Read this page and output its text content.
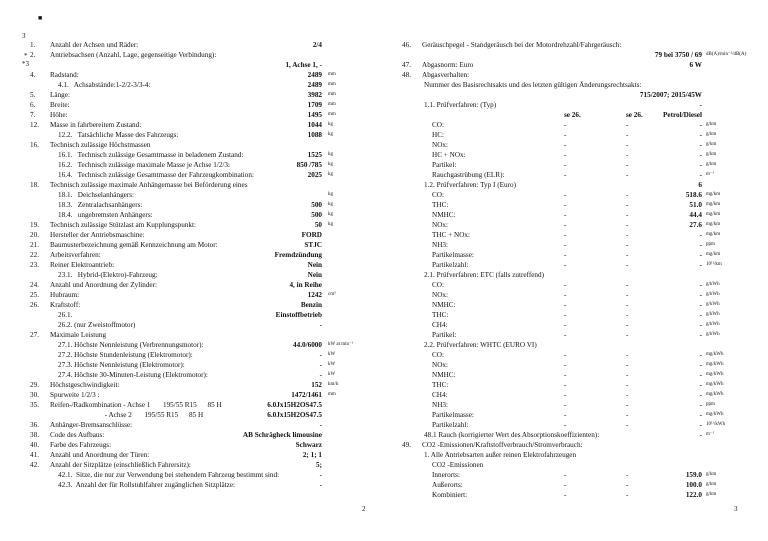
■
3
*
*3
1. Anzahl der Achsen und Räder:	2/4
2. Antriebsachsen (Anzahl, Lage, gegenseitige Verbindung):
1, Achse 1, -
4. Radstand:	2489 mm
4.1.   Achsabstände:1-2/2-3/3-4:	2489 mm
5. Länge:	3982 mm
6. Breite:	1709 mm
7. Höhe:	1495 mm
12. Masse in fahrbereitem Zustand:	1044 kg
12.2.   Tatsächliche Masse des Fahrzeugs:	1088 kg
16. Technisch zulässige Höchstmassen
16.1.   Technisch zulässige Gesamtmasse in beladenem Zustand:	1525 kg
16.2.   Technisch zulässige maximale Masse je Achse 1/2/3:	850 /785 kg
16.4.   Technisch zulässige Gesamtmasse der Fahrzeugkombination:	2025 kg
18. Technisch zulässige maximale Anhängemasse bei Beförderung eines
18.1.   Deichselanhängers:	kg
18.3.   Zentralachsanhängers:	500 kg
18.4.   ungebremsten Anhängers:	500 kg
19. Technisch zulässige Stützlast am Kupplungspunkt:	50 kg
20. Hersteller der Antriebsmaschine:	FORD
21. Baumusterbezeichnung gemäß Kennzeichnung am Motor:	STJC
22. Arbeitsverfahren:	Fremdzündung
23. Reiner Elektroantrieb:	Nein
23.1.   Hybrid-(Elektro)-Fahrzeug:	Nein
24. Anzahl und Anordnung der Zylinder:	4, in Reihe
25. Hubraum:	1242 cm³
26. Kraftstoff:	Benzin
26.1.	Einstoffbetrieb
26.2. (nur Zweistoffmotor)	-
27. Maximale Leistung
27.1. Höchste Nennleistung (Verbrennungsmotor):	44.0/6000 kW at min⁻¹
27.2. Höchste Stundenleistung (Elektromotor):	- kW
27.3. Höchste Nennleistung (Elektromotor):	- kW
27.4. Höchste 30-Minuten-Leistung (Elektromotor):	- kW
29. Höchstgeschwindigkeit:	152 km/h
30. Spurweite 1/2/3 :	1472/1461 mm
35. Reifen-/Radkombination - Achse 1       195/55 R15      85 H	6.0Jx15H2OS47.5
- Achse 2       195/55 R15      85 H	6.0Jx15H2OS47.5
36. Anhänger-Bremsanschlüsse:	-
38. Code des Aufbaus:	AB Schrägheck limousine
40. Farbe des Fahrzeugs:	Schwarz
41. Anzahl und Anordnung der Türen:	2; 1; 1
42. Anzahl der Sitzplätze (einschließlich Fahrersitz):	5;
42.1.  Sitze, die nur zur Verwendung bei stehendem Fahrzeug bestimmt sind:	-
42.3.  Anzahl der für Rollstuhlfahrer zugänglichen Sitzplätze:	-
2
46. Geräuschpegel - Standgeräusch bei der Motordrehzahl/Fahrgeräusch:
79 bei 3750 / 69 dB(A)/min⁻¹/dB(A)
47. Abgasnorm: Euro	6 W
48. Abgasverhalten:
Nummer des Basisrechtsakts und des letzten gültigen Änderungsrechtsakts:
715/2007; 2015/45W
1.1. Prüfverfahren: (Typ)	-
se 26.	se 26.	Petrol/Diesel
CO:	-	-	- g/km
HC:	-	-	- g/km
NOx:	-	-	- g/km
HC + NOx:	-	-	- g/km
Partikel:	-	-	- g/km
Rauchgastrübung (ELR):	-	-	- m⁻¹
1.2. Prüfverfahren: Typ I (Euro)	6
CO:	-	-	518.6 mg/km
THC:	-	-	51.0 mg/km
NMHC:	-	-	44.4 mg/km
NOx:	-	-	27.6 mg/km
THC + NOx:	-	-	- mg/km
NH3:	-	-	- ppm
Partikelmasse:	-	-	- mg/km
Partikelzahl:	-	-	- 10¹¹/km
2.1. Prüfverfahren: ETC (falls zutreffend)
CO:	-	-	- g/kWh
NOx:	-	-	- g/kWh
NMHC:	-	-	- g/kWh
THC:	-	-	- g/kWh
CH4:	-	-	- g/kWh
Partikel:	-	-	- g/kWh
2.2. Prüfverfahren: WHTC (EURO VI)
CO:	-	-	- mg/kWh
NOx:	-	-	- mg/kWh
NMHC:	-	-	- mg/kWh
THC:	-	-	- mg/kWh
CH4:	-	-	- mg/kWh
NH3:	-	-	- ppm
Partikelmasse:	-	-	- mg/kWh
Partikelzahl:	-	-	- 10¹¹/kWh
48.1 Rauch (korrigierter Wert des Absorptionskoeffizienten):	- m⁻¹
49. CO2 -Emissionen/Kraftstoffverbrauch/Stromverbrauch:
1. Alle Antriebsarten außer reinen Elektrofahrzeugen
CO2 -Emissionen
Innerorts:	-	-	159.0 g/km
Außerorts:	-	-	100.0 g/km
Kombiniert:	-	-	122.0 g/km
3
